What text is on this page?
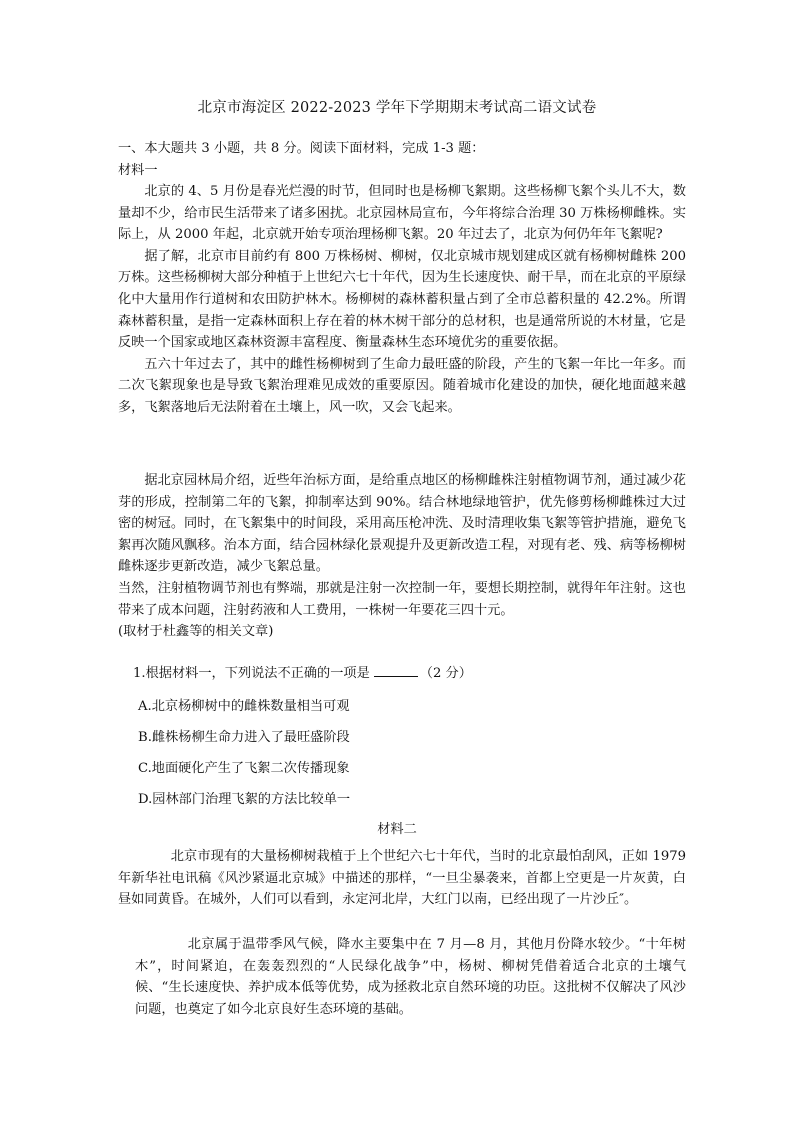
北京市海淀区 2022-2023 学年下学期期末考试高二语文试卷

一、本大题共 3 小题，共 8 分。阅读下面材料，完成 1-3 题：

材料一

北京的 4、5 月份是春光烂漫的时节，但同时也是杨柳飞絮期。这些杨柳飞絮个头儿不大，数量却不少，给市民生活带来了诸多困扰。北京园林局宣布，今年将综合治理 30 万株杨柳雌株。实际上，从 2000 年起，北京就开始专项治理杨柳飞絮。20 年过去了，北京为何仍年年飞絮呢?

据了解，北京市目前约有 800 万株杨树、柳树，仅北京城市规划建成区就有杨柳树雌株 200 万株。这些杨柳树大部分种植于上世纪六七十年代，因为生长速度快、耐干旱，而在北京的平原绿化中大量用作行道树和农田防护林木。杨柳树的森林蓄积量占到了全市总蓄积量的 42.2%。所谓森林蓄积量，是指一定森林面积上存在着的林木树干部分的总材积，也是通常所说的木材量，它是反映一个国家或地区森林资源丰富程度、衡量森林生态环境优劣的重要依据。

五六十年过去了，其中的雌性杨柳树到了生命力最旺盛的阶段，产生的飞絮一年比一年多。而二次飞絮现象也是导致飞絮治理难见成效的重要原因。随着城市化建设的加快，硬化地面越来越多，飞絮落地后无法附着在土壤上，风一吹，又会飞起来。

据北京园林局介绍，近些年治标方面，是给重点地区的杨柳雌株注射植物调节剂，通过减少花芽的形成，控制第二年的飞絮，抑制率达到 90%。结合林地绿地管护，优先修剪杨柳雌株过大过密的树冠。同时，在飞絮集中的时间段，采用高压枪冲洗、及时清理收集飞絮等管护措施，避免飞絮再次随风飘移。治本方面，结合园林绿化景观提升及更新改造工程，对现有老、残、病等杨柳树雌株逐步更新改造，减少飞絮总量。

当然，注射植物调节剂也有弊端，那就是注射一次控制一年，要想长期控制，就得年年注射。这也带来了成本问题，注射药液和人工费用，一株树一年要花三四十元。

(取材于杜鑫等的相关文章)

1.根据材料一，下列说法不正确的一项是	（2 分）
A.北京杨柳树中的雌株数量相当可观
B.雌株杨柳生命力进入了最旺盛阶段
C.地面硬化产生了飞絮二次传播现象
D.园林部门治理飞絮的方法比较单一
材料二

北京市现有的大量杨柳树栽植于上个世纪六七十年代，当时的北京最怕刮风，正如 1979 年新华社电讯稿《风沙紧逼北京城》中描述的那样，“一旦尘暴袭来，首都上空更是一片灰黄，白昼如同黄昏。在城外，人们可以看到，永定河北岸，大红门以南，已经出现了一片沙丘″。

北京属于温带季风气候，降水主要集中在 7 月—8 月，其他月份降水较少。“十年树木”，时间紧迫，在轰轰烈烈的“人民绿化战争”中，杨树、柳树凭借着适合北京的土壤气候、“生长速度快、养护成本低等优势，成为拯救北京自然环境的功臣。这批树不仅解决了风沙问题，也奠定了如今北京良好生态环境的基础。
